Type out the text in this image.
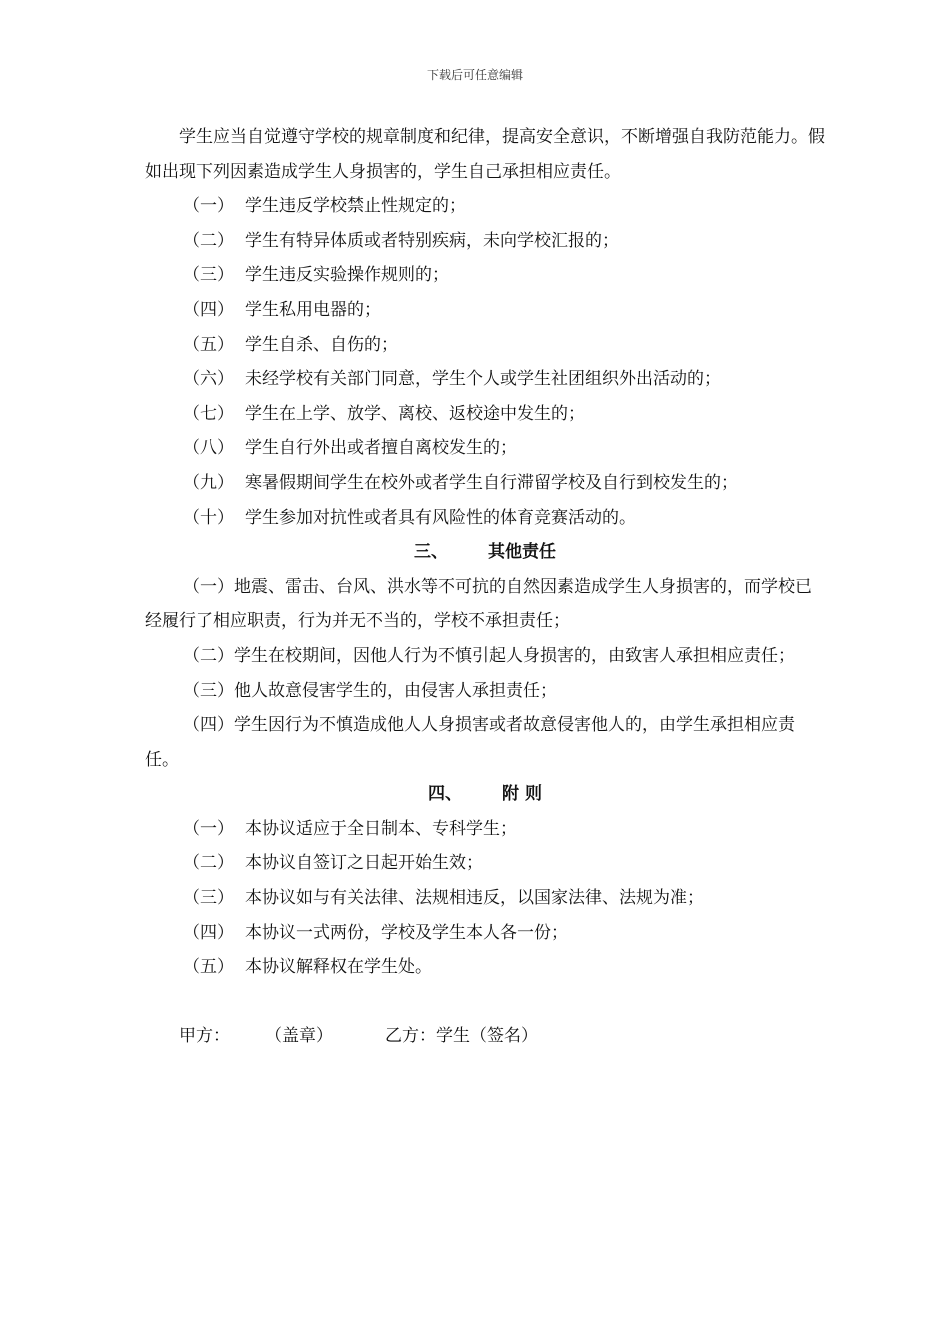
下载后可任意编辑

学生应当自觉遵守学校的规章制度和纪律，提高安全意识，不断增强自我防范能力。假如出现下列因素造成学生人身损害的，学生自己承担相应责任。

（一） 学生违反学校禁止性规定的；

（二） 学生有特异体质或者特别疾病，未向学校汇报的；

（三） 学生违反实验操作规则的；

（四） 学生私用电器的；

（五） 学生自杀、自伤的；

（六） 未经学校有关部门同意，学生个人或学生社团组织外出活动的；

（七） 学生在上学、放学、离校、返校途中发生的；

（八） 学生自行外出或者擅自离校发生的；

（九） 寒暑假期间学生在校外或者学生自行滞留学校及自行到校发生的；

（十） 学生参加对抗性或者具有风险性的体育竞赛活动的。

三、 其他责任

（一）地震、雷击、台风、洪水等不可抗的自然因素造成学生人身损害的，而学校已经履行了相应职责，行为并无不当的，学校不承担责任；

（二）学生在校期间，因他人行为不慎引起人身损害的，由致害人承担相应责任；

（三）他人故意侵害学生的，由侵害人承担责任；

（四）学生因行为不慎造成他人人身损害或者故意侵害他人的，由学生承担相应责任。

四、 附 则

（一） 本协议适应于全日制本、专科学生；

（二） 本协议自签订之日起开始生效；

（三） 本协议如与有关法律、法规相违反，以国家法律、法规为准；

（四） 本协议一式两份，学校及学生本人各一份；

（五） 本协议解释权在学生处。

甲方： （盖章）	乙方：学生（签名）
